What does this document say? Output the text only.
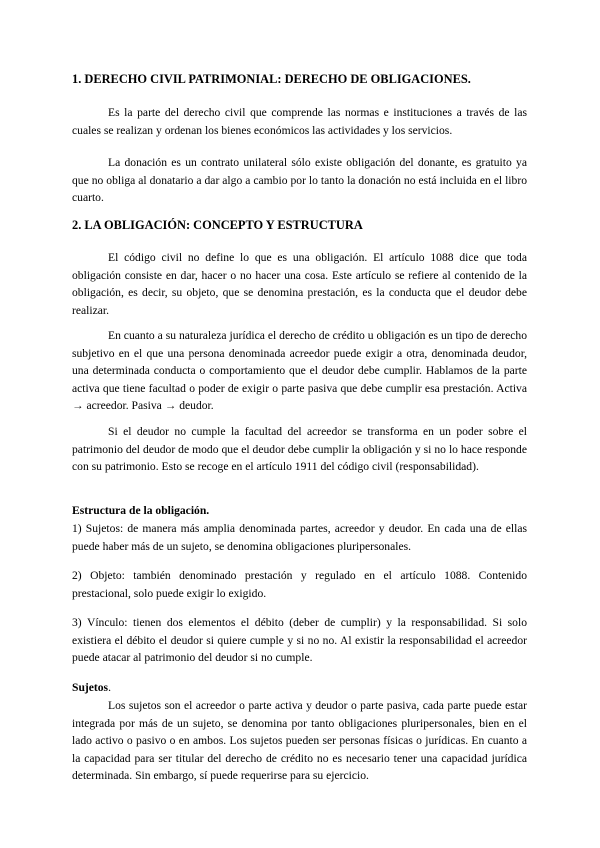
1. DERECHO CIVIL PATRIMONIAL: DERECHO DE OBLIGACIONES.

Es la parte del derecho civil que comprende las normas e instituciones a través de las cuales se realizan y ordenan los bienes económicos las actividades y los servicios.

La donación es un contrato unilateral sólo existe obligación del donante, es gratuito ya que no obliga al donatario a dar algo a cambio por lo tanto la donación no está incluida en el libro cuarto.

2. LA OBLIGACIÓN: CONCEPTO Y ESTRUCTURA

El código civil no define lo que es una obligación. El artículo 1088 dice que toda obligación consiste en dar, hacer o no hacer una cosa. Este artículo se refiere al contenido de la obligación, es decir, su objeto, que se denomina prestación, es la conducta que el deudor debe realizar.

En cuanto a su naturaleza jurídica el derecho de crédito u obligación es un tipo de derecho subjetivo en el que una persona denominada acreedor puede exigir a otra, denominada deudor, una determinada conducta o comportamiento que el deudor debe cumplir. Hablamos de la parte activa que tiene facultad o poder de exigir o parte pasiva que debe cumplir esa prestación. Activa → acreedor. Pasiva → deudor.

Si el deudor no cumple la facultad del acreedor se transforma en un poder sobre el patrimonio del deudor de modo que el deudor debe cumplir la obligación y si no lo hace responde con su patrimonio. Esto se recoge en el artículo 1911 del código civil (responsabilidad).

Estructura de la obligación.

1) Sujetos: de manera más amplia denominada partes, acreedor y deudor. En cada una de ellas puede haber más de un sujeto, se denomina obligaciones pluripersonales.

2) Objeto: también denominado prestación y regulado en el artículo 1088. Contenido prestacional, solo puede exigir lo exigido.

3) Vínculo: tienen dos elementos el débito (deber de cumplir) y la responsabilidad. Si solo existiera el débito el deudor si quiere cumple y si no no. Al existir la responsabilidad el acreedor puede atacar al patrimonio del deudor si no cumple.

Sujetos.

Los sujetos son el acreedor o parte activa y deudor o parte pasiva, cada parte puede estar integrada por más de un sujeto, se denomina por tanto obligaciones pluripersonales, bien en el lado activo o pasivo o en ambos. Los sujetos pueden ser personas físicas o jurídicas. En cuanto a la capacidad para ser titular del derecho de crédito no es necesario tener una capacidad jurídica determinada. Sin embargo, sí puede requerirse para su ejercicio.
